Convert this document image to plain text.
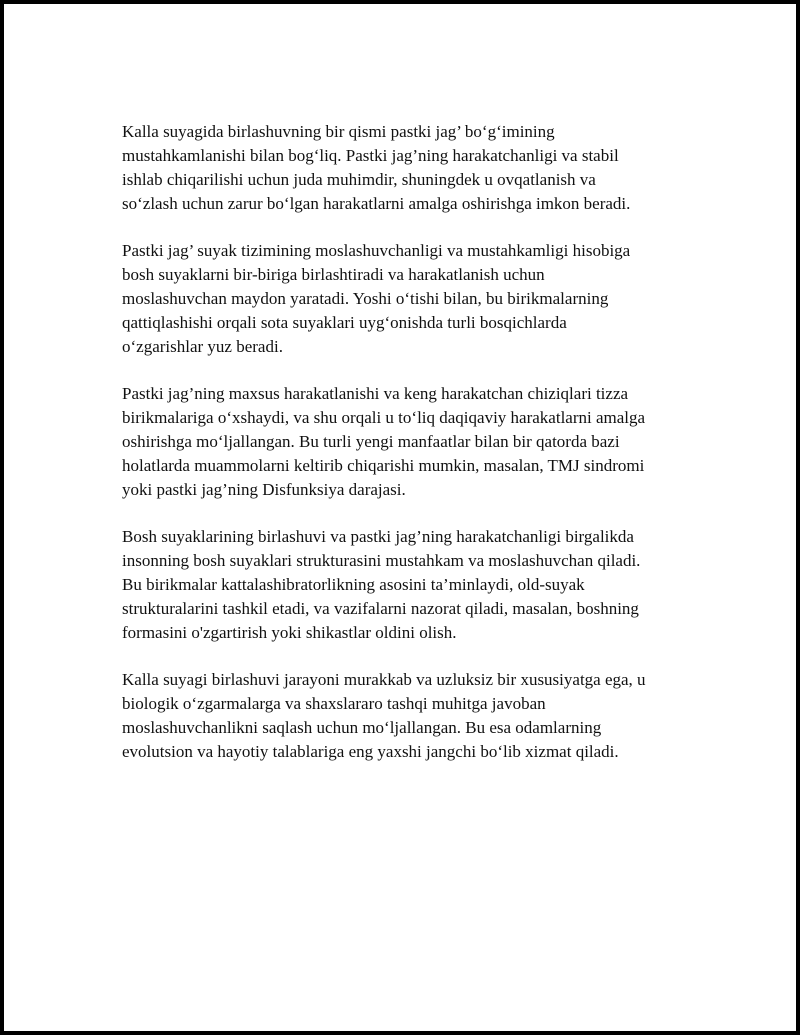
Kalla suyagida birlashuvning bir qismi pastki jag’ bo‘g‘imining
mustahkamlanishi bilan bog‘liq. Pastki jag’ning harakatchanligi va stabil
ishlab chiqarilishi uchun juda muhimdir, shuningdek u ovqatlanish va
so‘zlash uchun zarur bo‘lgan harakatlarni amalga oshirishga imkon beradi.

Pastki jag’ suyak tizimining moslashuvchanligi va mustahkamligi hisobiga
bosh suyaklarni bir-biriga birlashtiradi va harakatlanish uchun
moslashuvchan maydon yaratadi. Yoshi o‘tishi bilan, bu birikmalarning
qattiqlashishi orqali sota suyaklari uyg‘onishda turli bosqichlarda
o‘zgarishlar yuz beradi.

Pastki jag’ning maxsus harakatlanishi va keng harakatchan chiziqlari tizza
birikmalariga o‘xshaydi, va shu orqali u to‘liq daqiqaviy harakatlarni amalga
oshirishga mo‘ljallangan. Bu turli yengi manfaatlar bilan bir qatorda bazi
holatlarda muammolarni keltirib chiqarishi mumkin, masalan, TMJ sindromi
yoki pastki jag’ning Disfunksiya darajasi.

Bosh suyaklarining birlashuvi va pastki jag’ning harakatchanligi birgalikda
insonning bosh suyaklari strukturasini mustahkam va moslashuvchan qiladi.
Bu birikmalar kattalashibratorlikning asosini ta’minlaydi, old-suyak
strukturalarini tashkil etadi, va vazifalarni nazorat qiladi, masalan, boshning
formasini o'zgartirish yoki shikastlar oldini olish.

Kalla suyagi birlashuvi jarayoni murakkab va uzluksiz bir xususiyatga ega, u
biologik o‘zgarmalarga va shaxslararo tashqi muhitga javoban
moslashuvchanlikni saqlash uchun mo‘ljallangan. Bu esa odamlarning
evolutsion va hayotiy talablariga eng yaxshi jangchi bo‘lib xizmat qiladi.
